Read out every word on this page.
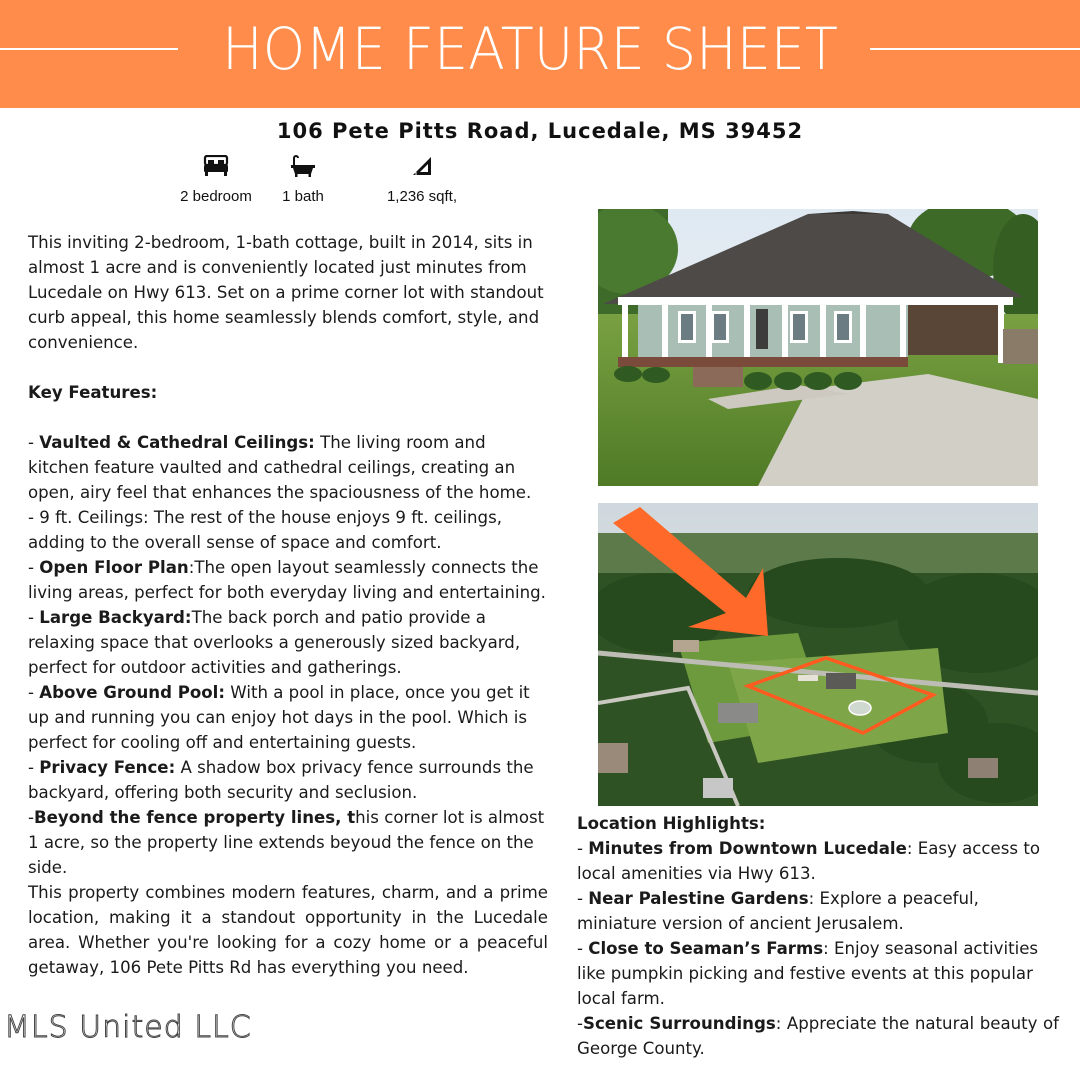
HOME FEATURE SHEET
106 Pete Pitts Road, Lucedale, MS 39452
2 bedroom	1 bath	1,236 sqft,

This inviting 2-bedroom, 1-bath cottage, built in 2014, sits in almost 1 acre and is conveniently located just minutes from Lucedale on Hwy 613. Set on a prime corner lot with standout curb appeal, this home seamlessly blends comfort, style, and convenience.

Key Features:

- Vaulted & Cathedral Ceilings: The living room and kitchen feature vaulted and cathedral ceilings, creating an open, airy feel that enhances the spaciousness of the home.

- 9 ft. Ceilings: The rest of the house enjoys 9 ft. ceilings, adding to the overall sense of space and comfort.

- Open Floor Plan:The open layout seamlessly connects the living areas, perfect for both everyday living and entertaining.

- Large Backyard:The back porch and patio provide a relaxing space that overlooks a generously sized backyard, perfect for outdoor activities and gatherings.

- Above Ground Pool: With a pool in place, once you get it up and running you can enjoy hot days in the pool. Which is perfect for cooling off and entertaining guests.

- Privacy Fence: A shadow box privacy fence surrounds the backyard, offering both security and seclusion.

-Beyond the fence property lines, this corner lot is almost 1 acre, so the property line extends beyoud the fence on the side.

This property combines modern features, charm, and a prime location, making it a standout opportunity in the Lucedale area. Whether you're looking for a cozy home or a peaceful getaway, 106 Pete Pitts Rd has everything you need.

Location Highlights:

- Minutes from Downtown Lucedale: Easy access to local amenities via Hwy 613.

- Near Palestine Gardens: Explore a peaceful, miniature version of ancient Jerusalem.

- Close to Seaman’s Farms: Enjoy seasonal activities like pumpkin picking and festive events at this popular local farm.

-Scenic Surroundings: Appreciate the natural beauty of George County.

MLS United LLC
